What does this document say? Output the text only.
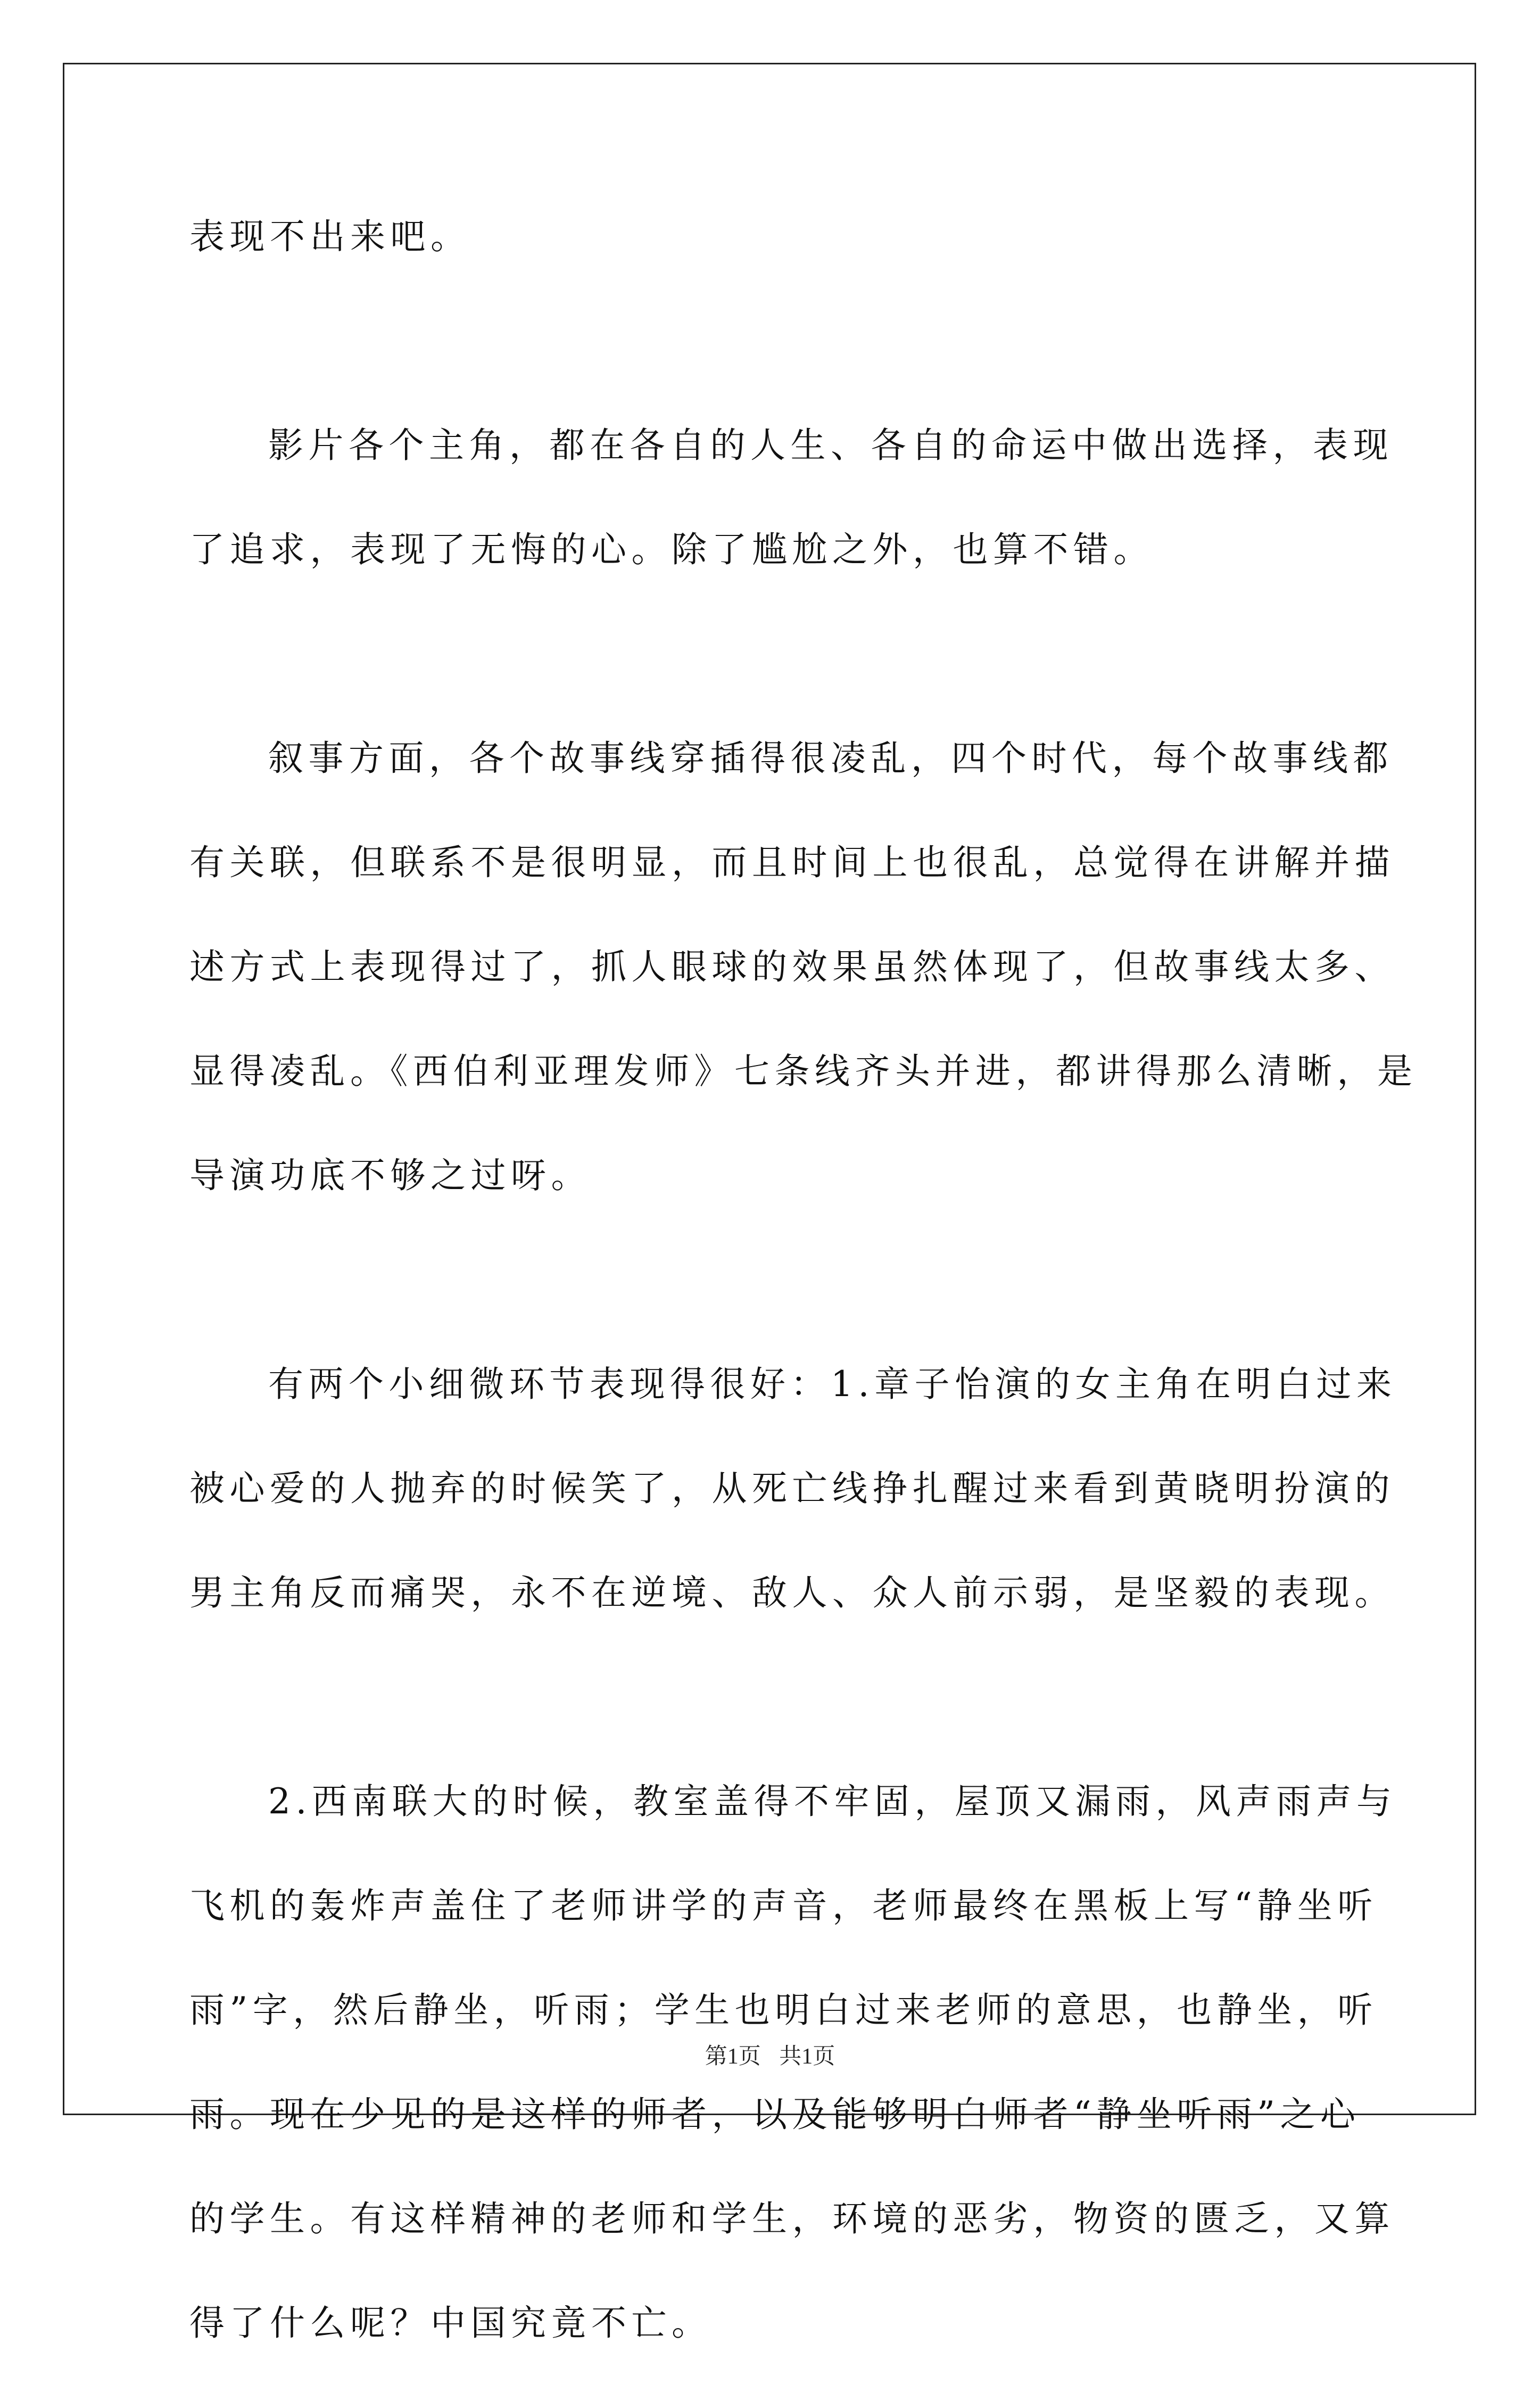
表现不出来吧。
影片各个主角，都在各自的人生、各自的命运中做出选择，表现
了追求，表现了无悔的心。除了尴尬之外，也算不错。
叙事方面，各个故事线穿插得很凌乱，四个时代，每个故事线都
有关联，但联系不是很明显，而且时间上也很乱，总觉得在讲解并描
述方式上表现得过了，抓人眼球的效果虽然体现了，但故事线太多、
显得凌乱。《西伯利亚理发师》七条线齐头并进，都讲得那么清晰，是
导演功底不够之过呀。
有两个小细微环节表现得很好：1.章子怡演的女主角在明白过来
被心爱的人抛弃的时候笑了，从死亡线挣扎醒过来看到黄晓明扮演的
男主角反而痛哭，永不在逆境、敌人、众人前示弱，是坚毅的表现。
2.西南联大的时候，教室盖得不牢固，屋顶又漏雨，风声雨声与
飞机的轰炸声盖住了老师讲学的声音，老师最终在黑板上写“静坐听
雨”字，然后静坐，听雨；学生也明白过来老师的意思，也静坐，听
雨。现在少见的是这样的师者，以及能够明白师者“静坐听雨”之心
的学生。有这样精神的老师和学生，环境的恶劣，物资的匮乏，又算
得了什么呢？中国究竟不亡。
第1页 共1页
